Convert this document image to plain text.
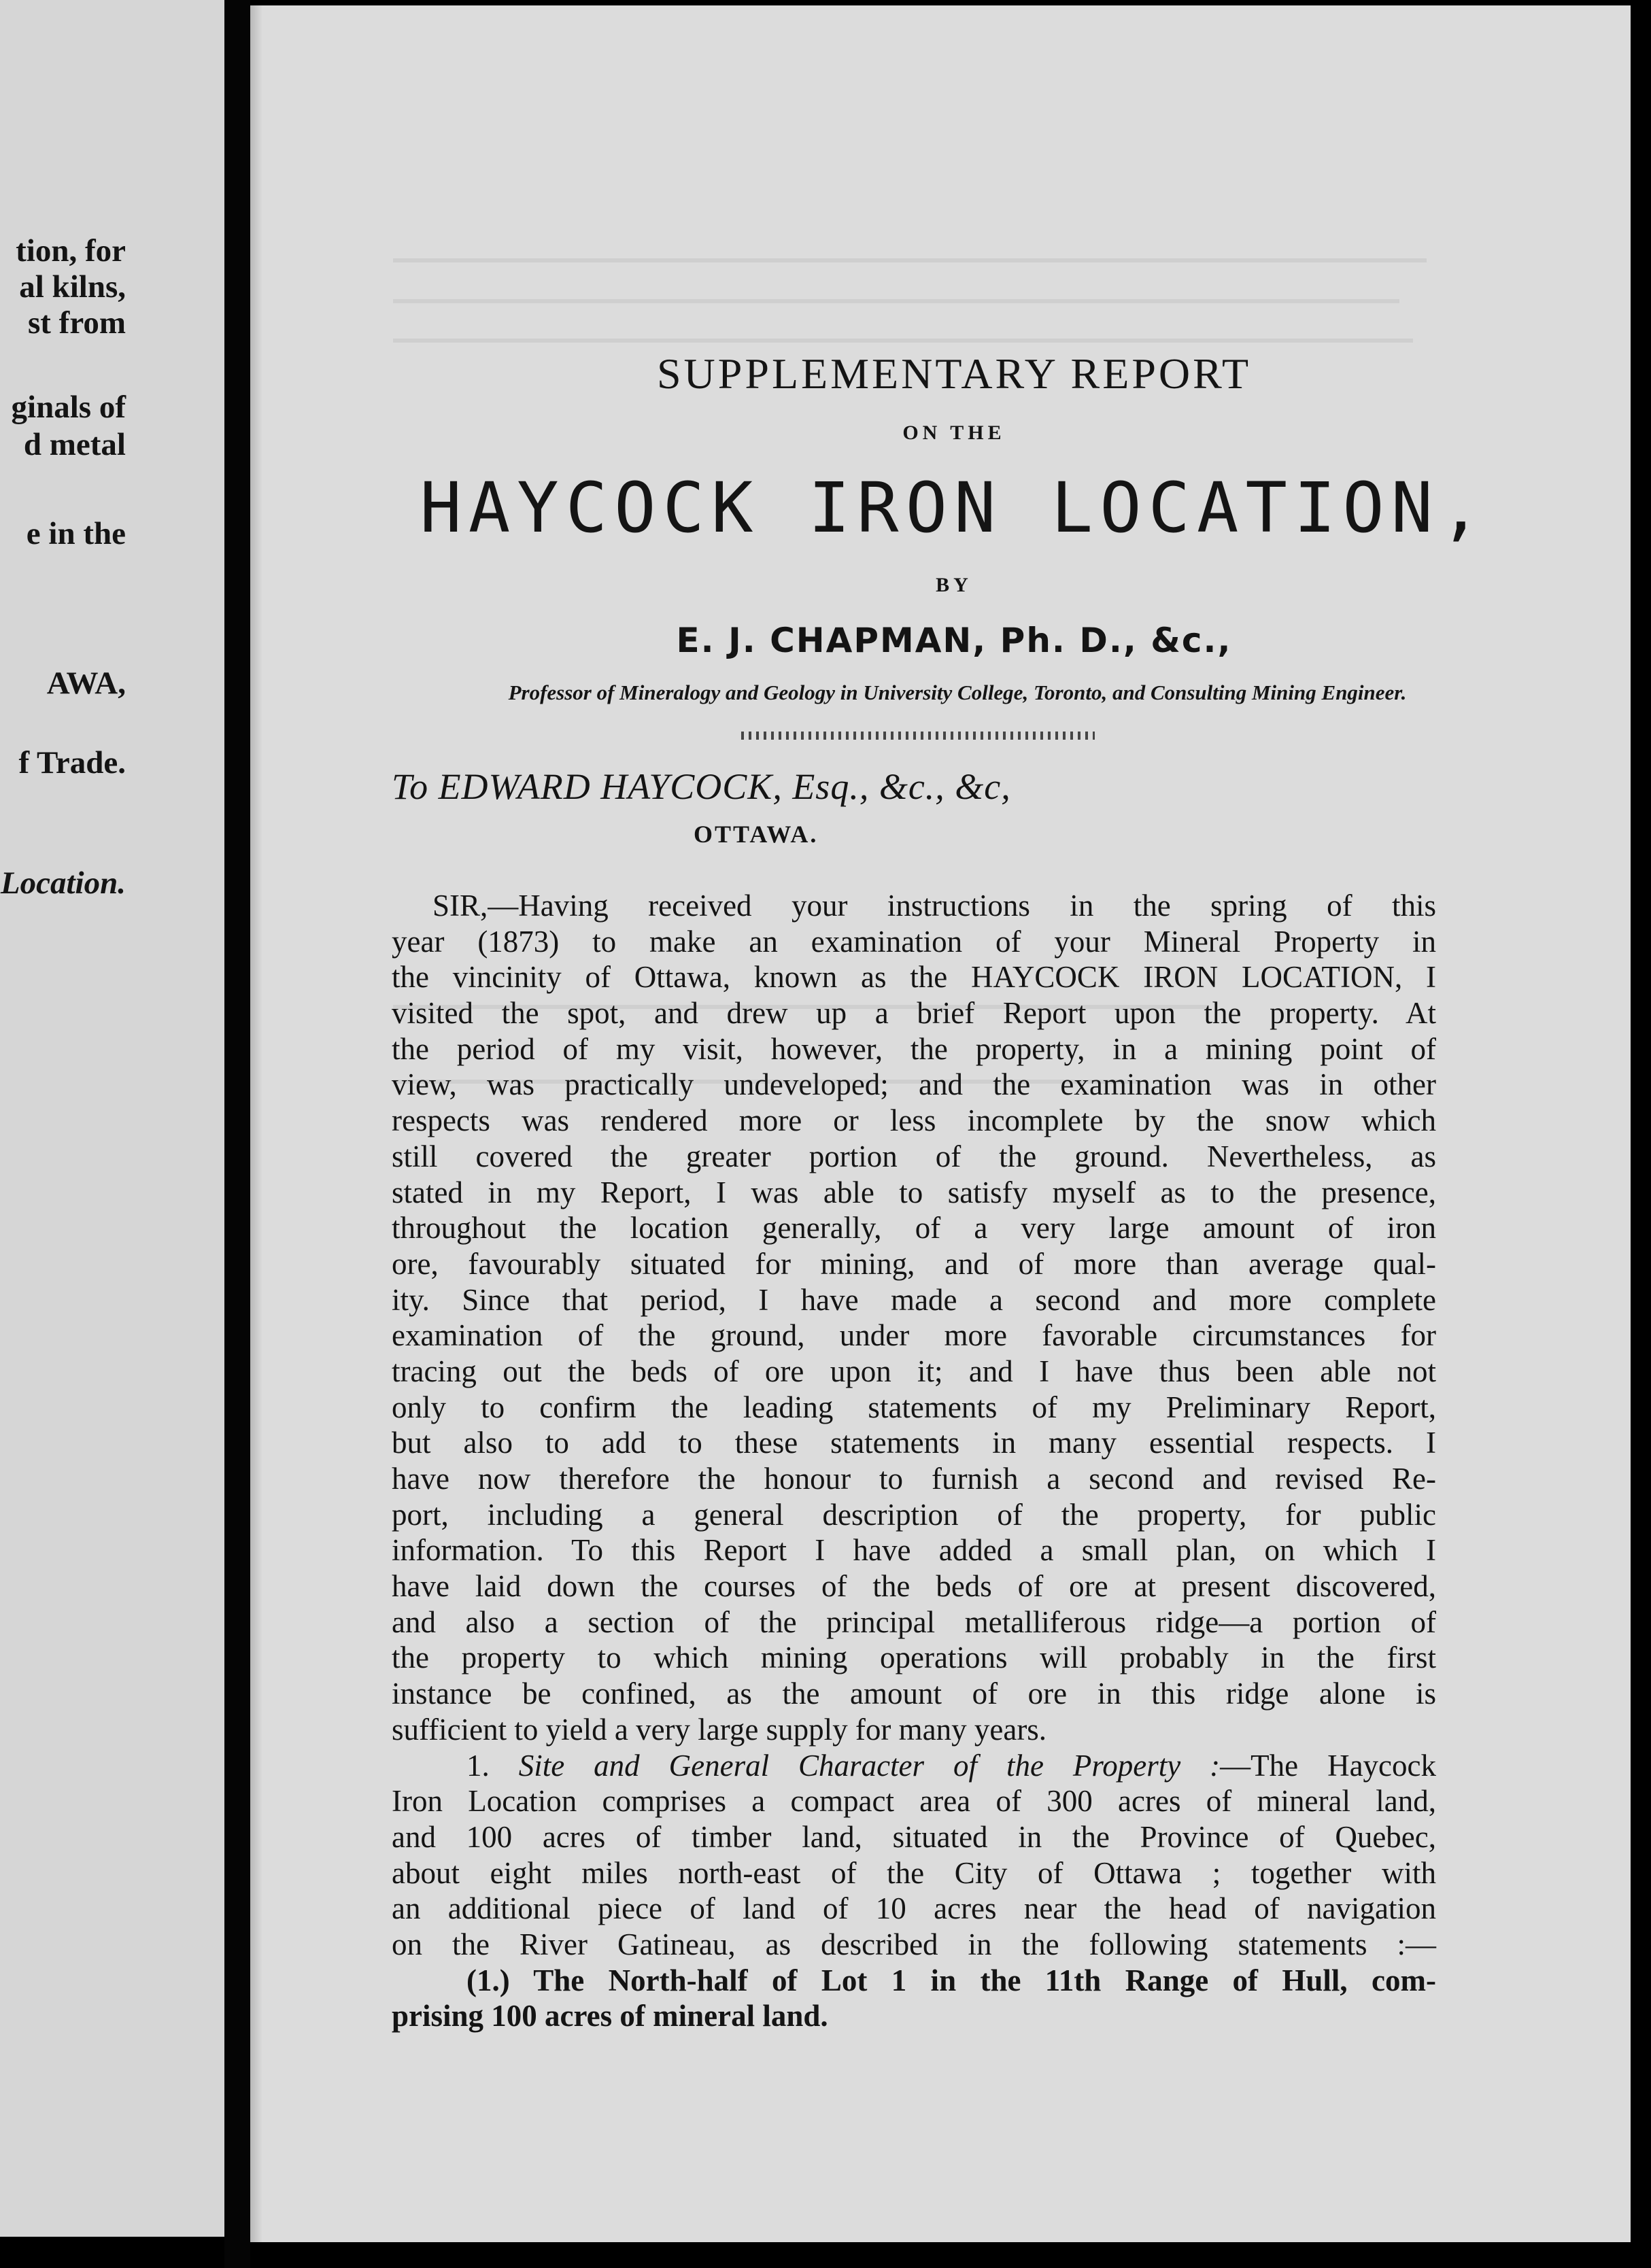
tion, for
al kilns,
st from
ginals of
d metal
e in the
AWA,
f Trade.
Location.
SUPPLEMENTARY REPORT
ON THE
HAYCOCK IRON LOCATION,
BY
E. J. CHAPMAN, Ph. D., &c.,
Professor of Mineralogy and Geology in University College, Toronto, and Consulting Mining Engineer.
To EDWARD HAYCOCK, Esq., &c., &c,
OTTAWA.
SIR,—Having received your instructions in the spring of this
year (1873) to make an examination of your Mineral Property in
the vincinity of Ottawa, known as the HAYCOCK IRON LOCATION, I
visited the spot, and drew up a brief Report upon the property. At
the period of my visit, however, the property, in a mining point of
view, was practically undeveloped; and the examination was in other
respects was rendered more or less incomplete by the snow which
still covered the greater portion of the ground. Nevertheless, as
stated in my Report, I was able to satisfy myself as to the presence,
throughout the location generally, of a very large amount of iron
ore, favourably situated for mining, and of more than average qual-
ity. Since that period, I have made a second and more complete
examination of the ground, under more favorable circumstances for
tracing out the beds of ore upon it; and I have thus been able not
only to confirm the leading statements of my Preliminary Report,
but also to add to these statements in many essential respects. I
have now therefore the honour to furnish a second and revised Re-
port, including a general description of the property, for public
information. To this Report I have added a small plan, on which I
have laid down the courses of the beds of ore at present discovered,
and also a section of the principal metalliferous ridge—a portion of
the property to which mining operations will probably in the first
instance be confined, as the amount of ore in this ridge alone is
sufficient to yield a very large supply for many years.
1. Site and General Character of the Property :—The Haycock
Iron Location comprises a compact area of 300 acres of mineral land,
and 100 acres of timber land, situated in the Province of Quebec,
about eight miles north-east of the City of Ottawa ; together with
an additional piece of land of 10 acres near the head of navigation
on the River Gatineau, as described in the following statements :—
(1.) The North-half of Lot 1 in the 11th Range of Hull, com-
prising 100 acres of mineral land.
